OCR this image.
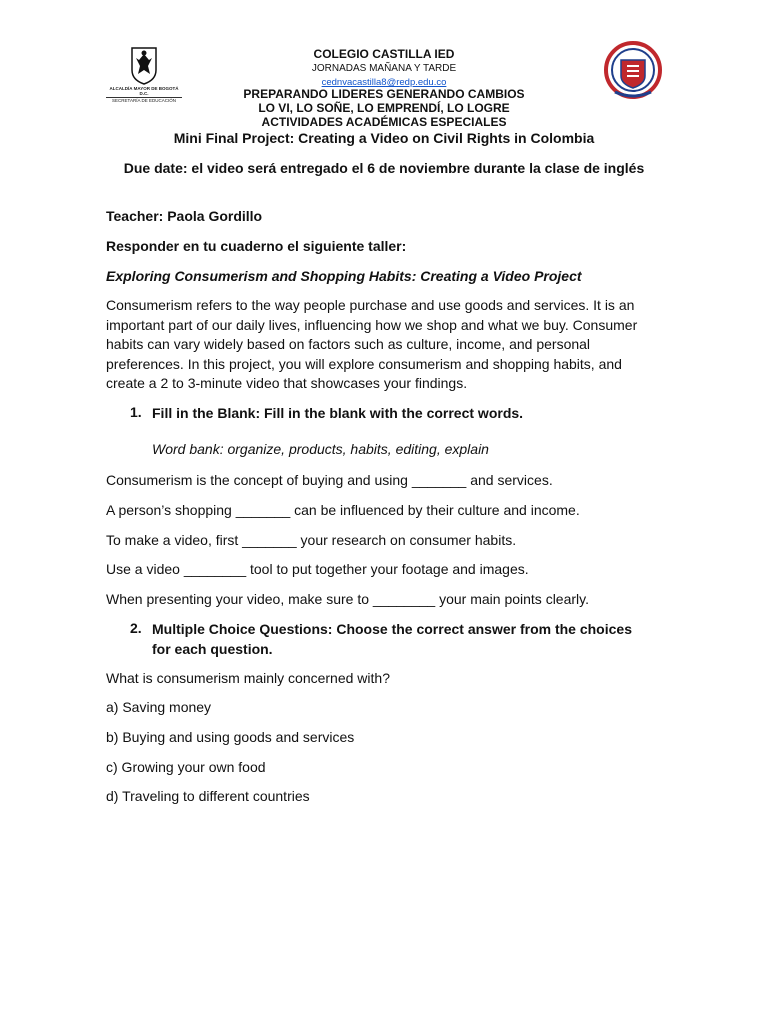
ALCALDÍA MAYOR DE BOGOTÁ D.C.
SECRETARÍA DE EDUCACIÓN
COLEGIO CASTILLA IED
JORNADAS MAÑANA Y TARDE
cednvacastilla8@redp.edu.co
PREPARANDO LIDERES GENERANDO CAMBIOS
LO VI, LO SOÑE, LO EMPRENDÍ, LO LOGRE
ACTIVIDADES ACADÉMICAS ESPECIALES
Mini Final Project: Creating a Video on Civil Rights in Colombia
Due date: el video será entregado el 6 de noviembre durante la clase de inglés
Teacher: Paola Gordillo
Responder en tu cuaderno el siguiente taller:
Exploring Consumerism and Shopping Habits: Creating a Video Project
Consumerism refers to the way people purchase and use goods and services. It is an important part of our daily lives, influencing how we shop and what we buy. Consumer habits can vary widely based on factors such as culture, income, and personal preferences. In this project, you will explore consumerism and shopping habits, and create a 2 to 3-minute video that showcases your findings.
1. Fill in the Blank: Fill in the blank with the correct words.
Word bank: organize, products, habits, editing, explain
Consumerism is the concept of buying and using _______ and services.
A person’s shopping _______ can be influenced by their culture and income.
To make a video, first _______ your research on consumer habits.
Use a video ________ tool to put together your footage and images.
When presenting your video, make sure to ________ your main points clearly.
2. Multiple Choice Questions: Choose the correct answer from the choices for each question.
What is consumerism mainly concerned with?
a) Saving money
b) Buying and using goods and services
c) Growing your own food
d) Traveling to different countries
